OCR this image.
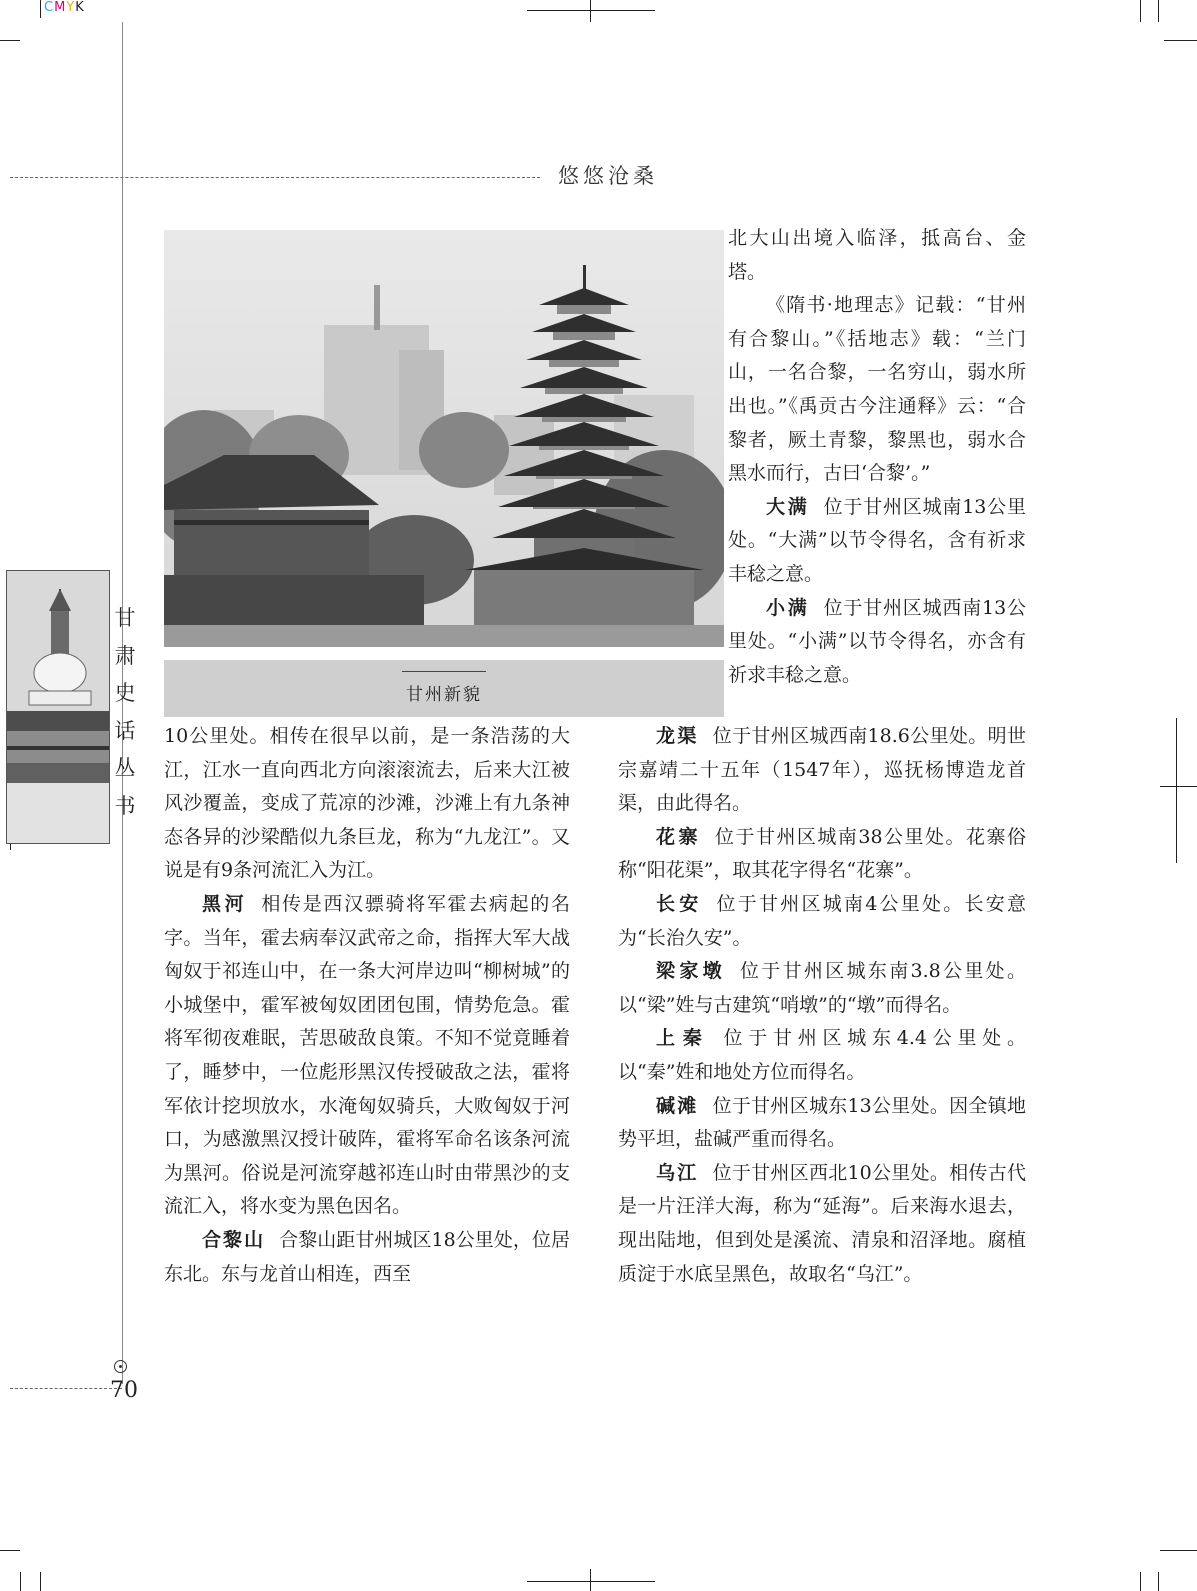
CMYK
悠悠沧桑
甘州新貌
甘
肃
史
话
丛
书
70

北大山出境入临泽，抵高台、金塔。

《隋书·地理志》记载：“甘州有合黎山。”《括地志》载：“兰门山，一名合黎，一名穷山，弱水所出也。”《禹贡古今注通释》云：“合黎者，厥土青黎，黎黑也，弱水合黑水而行，古曰‘合黎’。”

大满 位于甘州区城南13公里处。“大满”以节令得名，含有祈求丰稔之意。

小满 位于甘州区城西南13公里处。“小满”以节令得名，亦含有祈求丰稔之意。

10公里处。相传在很早以前，是一条浩荡的大江，江水一直向西北方向滚滚流去，后来大江被风沙覆盖，变成了荒凉的沙滩，沙滩上有九条神态各异的沙梁酷似九条巨龙，称为“九龙江”。又说是有9条河流汇入为江。

黑河 相传是西汉骠骑将军霍去病起的名字。当年，霍去病奉汉武帝之命，指挥大军大战匈奴于祁连山中，在一条大河岸边叫“柳树城”的小城堡中，霍军被匈奴团团包围，情势危急。霍将军彻夜难眠，苦思破敌良策。不知不觉竟睡着了，睡梦中，一位彪形黑汉传授破敌之法，霍将军依计挖坝放水，水淹匈奴骑兵，大败匈奴于河口，为感激黑汉授计破阵，霍将军命名该条河流为黑河。俗说是河流穿越祁连山时由带黑沙的支流汇入，将水变为黑色因名。

合黎山 合黎山距甘州城区18公里处，位居东北。东与龙首山相连，西至

龙渠 位于甘州区城西南18.6公里处。明世宗嘉靖二十五年（1547年），巡抚杨博造龙首渠，由此得名。

花寨 位于甘州区城南38公里处。花寨俗称“阳花渠”，取其花字得名“花寨”。

长安 位于甘州区城南4公里处。长安意为“长治久安”。

梁家墩 位于甘州区城东南3.8公里处。以“梁”姓与古建筑“哨墩”的“墩”而得名。

上秦 位于甘州区城东4.4公里处。以“秦”姓和地处方位而得名。

碱滩 位于甘州区城东13公里处。因全镇地势平坦，盐碱严重而得名。

乌江 位于甘州区西北10公里处。相传古代是一片汪洋大海，称为“延海”。后来海水退去，现出陆地，但到处是溪流、清泉和沼泽地。腐植质淀于水底呈黑色，故取名“乌江”。
